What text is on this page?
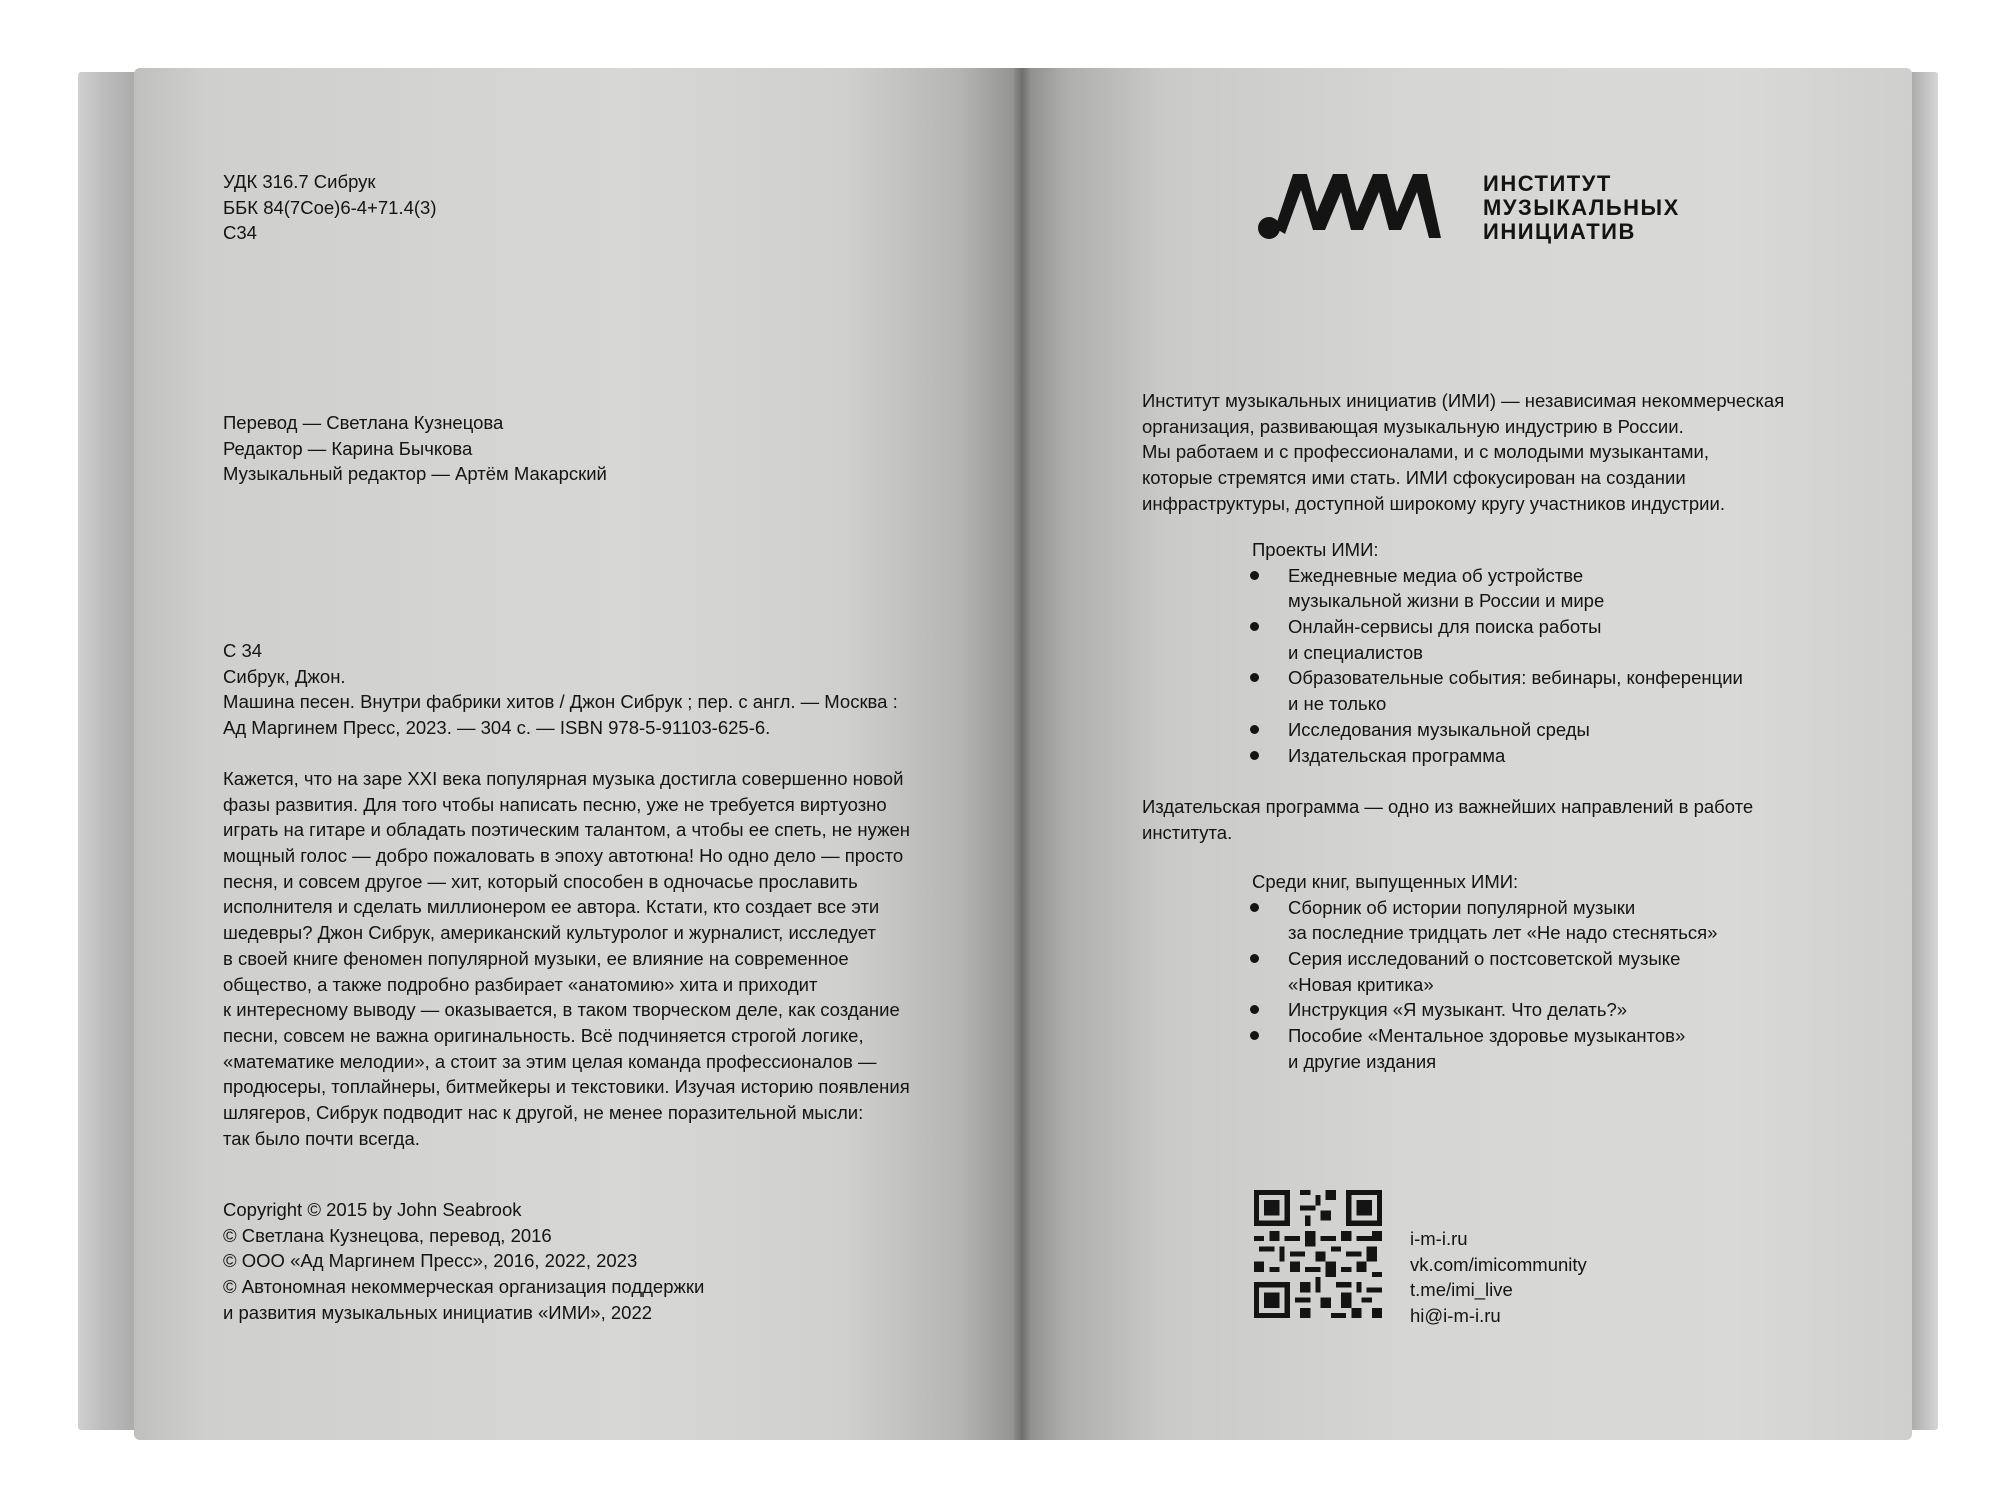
УДК 316.7 Сибрук
ББК 84(7Сое)6-4+71.4(3)
С34
Перевод — Светлана Кузнецова
Редактор — Карина Бычкова
Музыкальный редактор — Артём Макарский
С 34
Сибрук, Джон.
Машина песен. Внутри фабрики хитов / Джон Сибрук ; пер. с англ. — Москва :
Ад Маргинем Пресс, 2023. — 304 с. — ISBN 978-5-91103-625-6.
Кажется, что на заре XXI века популярная музыка достигла совершенно новой
фазы развития. Для того чтобы написать песню, уже не требуется виртуозно
играть на гитаре и обладать поэтическим талантом, а чтобы ее спеть, не нужен
мощный голос — добро пожаловать в эпоху автотюна! Но одно дело — просто
песня, и совсем другое — хит, который способен в одночасье прославить
исполнителя и сделать миллионером ее автора. Кстати, кто создает все эти
шедевры? Джон Сибрук, американский культуролог и журналист, исследует
в своей книге феномен популярной музыки, ее влияние на современное
общество, а также подробно разбирает «анатомию» хита и приходит
к интересному выводу — оказывается, в таком творческом деле, как создание
песни, совсем не важна оригинальность. Всё подчиняется строгой логике,
«математике мелодии», а стоит за этим целая команда профессионалов —
продюсеры, топлайнеры, битмейкеры и текстовики. Изучая историю появления
шлягеров, Сибрук подводит нас к другой, не менее поразительной мысли:
так было почти всегда.
Copyright © 2015 by John Seabrook
© Светлана Кузнецова, перевод, 2016
© ООО «Ад Маргинем Пресс», 2016, 2022, 2023
© Автономная некоммерческая организация поддержки
и развития музыкальных инициатив «ИМИ», 2022
ИНСТИТУТ
МУЗЫКАЛЬНЫХ
ИНИЦИАТИВ
Институт музыкальных инициатив (ИМИ) — независимая некоммерческая
организация, развивающая музыкальную индустрию в России.
Мы работаем и с профессионалами, и с молодыми музыкантами,
которые стремятся ими стать. ИМИ сфокусирован на создании
инфраструктуры, доступной широкому кругу участников индустрии.
Проекты ИМИ:
Ежедневные медиа об устройстве
музыкальной жизни в России и мире
Онлайн-сервисы для поиска работы
и специалистов
Образовательные события: вебинары, конференции
и не только
Исследования музыкальной среды
Издательская программа
Издательская программа — одно из важнейших направлений в работе
института.
Среди книг, выпущенных ИМИ:
Сборник об истории популярной музыки
за последние тридцать лет «Не надо стесняться»
Серия исследований о постсоветской музыке
«Новая критика»
Инструкция «Я музыкант. Что делать?»
Пособие «Ментальное здоровье музыкантов»
и другие издания
i-m-i.ru
vk.com/imicommunity
t.me/imi_live
hi@i-m-i.ru
